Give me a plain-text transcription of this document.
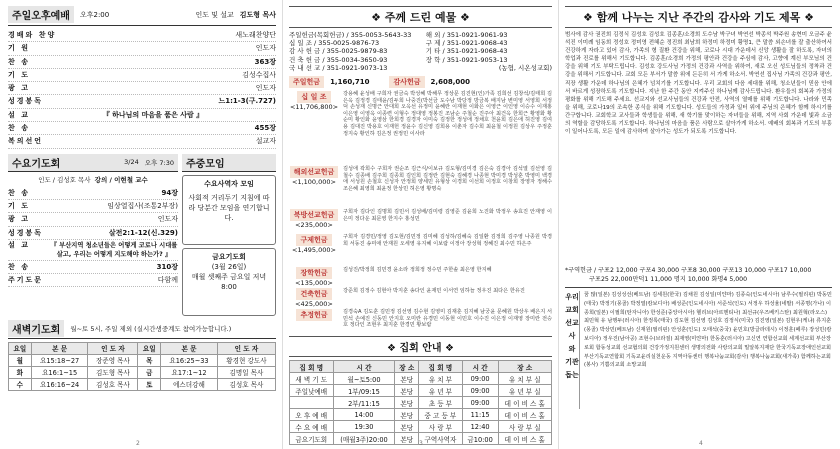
주일오후예배	오후2:00	인도 및 설교 김도형 목사
경배와 찬양	새노래찬양단
기 원	인도자
찬 송	363장
기 도	김성수집사
광 고	인도자
성경봉독	느1:1-3(구.727)
설 교	『 하나님의 마음을 품은 사람 』
찬 송	455장
복의선언	설교자
수요기도회	3/24 오후 7:30
인도 / 김성호 목사 강의 / 이현철 교수
찬 송	94장
기 도	임상열집사(조통2부장)
광 고	인도자
성경봉독	살전2:1-12(신.329)
설 교	『 부산지역 청소년들은 어떻게 코로나 시대를 살고, 우리는 어떻게 지도해야 하는가? 』
찬 송	310장
주기도문	다함께
주중모임
수요사역자 모임
사회적 거리두기 지침에 따라 당분간 모임을 연기합니다.
금요기도회
(3월 26일)
매월 셋째주 금요일 저녁 8:00
새벽기도회	월~토 5시, 주일 제외 (실시간생중계도 참여가능합니다.)
요일	본 문	인 도 자	요일	본 문	인 도 자
월	요15:18~27	장준영 목사	목	요16:25~33	황경현 강도사
화	요16:1~15	김도형 목사	금	요17:1~12	김명일 목사
수	요16:16~24	김성호 목사	토	에스더강해	김성호 목사
2
❖ 주께 드린 예물 ❖
주일헌금(목회헌금) / 355-0053-5643-33
십 일 조 / 355-0025-9876-73
감 사 헌 금 / 355-0025-9879-83
건 축 헌 금 / 355-0034-3650-93
국 내 선 교 / 351-0921-9073-13
해 외 / 351-0921-9061-93
구 제 / 351-0921-9068-43
기 타 / 351-0921-9068-43
장 학 / 351-0921-9053-13
(농협, 시온성교회)
주일헌금	1,160,710	감사헌금	2,608,000
십 일 조
<11,706,800>
강용혜 윤성배 구희자 권금숙 박성혜 박해무 정상문 김진현(인)가족 김희선 김창석/김태희 김은옥 김정경 김태윤/김두희 나중진(박선금 도수남 박당정 방금복 배지남 변미영 서영희 서정덕 손성재 신명근 안대희 오옥선 유정미 윤혜란 이재현 이화은 이영근 이인영 이승수 이재홍 이은영 이영옥 이종련 이형수 정대영 정봉진 조남순 주철순 진주아 최건옥 한희근 황영화 황순미 황인화 윤영삼 한희경 김경자 이미숙 김정한 정성애 정채호 천윤희 김은애 허진영 김여용 김대진 박용호 이재헌 정윤수 김신영 김희용 이춘자 김수희 최윤철 이정원 김상우 주정훈 정지숙 황인하 김은정 권정민 이사라
해외선교헌금
<1,100,000>
김성애 곽희수 구희자 권순조 김근식/이보규 김도형/김미경 김은숙 김경아 김석열 김선영 김철수 김종배 김주희 김종희 김인희 김정란 김현숙 김혜경 나종현 박미경 박성훈 박영미 백경애 서성원 손철호 신성자 안정희 양세민 유형상 이경희 이선희 이정호 이창희 장영자 정해수 조은혜 최영희 최윤정 한상민 허은영 황명숙
북방선교헌금
<235,000>
구희자 김다인 김명희 김민서 김성배/김미령 김영준 김윤희 노진화 박정우 송효진 안재영 이은미 정다운 최문영 한지수 홍성민
구제헌금
<1,495,000>
구희자 김경민/정영 김도현/김민정 김미혜 김성하/김혜숙 김일환 김정희 김주영 나종원 박경희 서동진 송미애 안재원 오세영 유지혜 이보람 이정아 장성혁 정혜진 최수민 하은주
장학헌금
<135,000>
김성진/박정희 김민경 윤소라 정희정 정수민 주한솔 최은영 한지혜
건축헌금
<425,000>
강준희 김정수 김현아 박지훈 송다인 윤재민 이서연 임하늘 정우진 최다은 한유진
추정헌금	김경숙A 김도훈 김민정 김선영 김수현 김영미 김재훈 김지혜 남궁윤 문혜원 박상우 배은지 서민석 손예진 신동민 안지호 오미란 유경민 이동현 이민호 이수진 이은정 이재영 장미란 전승호 정다인 조현우 최지훈 한경민 황보람
❖ 집회 안내 ❖
집 회 명	시 간	장 소	집 회 명	시 간	장 소
새 벽 기 도	월~토5:00	본당	유 치 부	09:00	유 치 부 실
주일낮예배	1부/09:15	본당	유 년 부	09:00	유 년 부 실
	2부/11:15	본당	초 등 부	09:00	데 이 비 스 홀
오 후 예 배	14:00	본당	중 고 등 부	11:15	데 이 비 스 홀
수 요 예 배	19:30	본당	사 랑 부	12:40	사 랑 부 실
금요기도회	(매월3주)20:00	본당	구역사역자	금10:00	데 이 비 스 홀
3
❖ 함께 나누는 지난 주간의 감사와 기도 제목 ❖
범사에 감사 권진희 김정식 김성호 김성호 김종훈/소경희 도수남 박구녀 박연선 박종석 박주원 송현미 오금주 윤석진 이미례 임동희 정성호 정미영 전혜순 정진희 최남희 하정미 하정미 황명1, 큰 말씀 외손녀를 잘 출산하여서 건강하게 자라고 있어 감사, 가족의 형 질환 건강을 위해, 코로나 시대 가운데서 신앙 생활을 잘 하도록, 자녀의 학업과 진로를 위해서 기도합니다. 김종훈/소경희 가정의 평안과 건강을 주심에 감사, 고향에 계신 부모님의 건강을 위해 기도 부탁드립니다. 김성호 강도사님 가정의 건강과 사역을 위하여, 새로 오신 성도님들의 정착과 건강을 위해서 기도합니다. 교회 모든 부서가 말씀 위에 든든히 서 가게 하소서. 박연선 집사님 가족의 건강과 평안, 직장 생활 가운데 하나님의 은혜가 넘치기를 기도합니다. 우리 교회의 다음 세대를 위해, 청소년들이 믿음 안에서 바르게 성장하도록 기도합니다. 지난 한 주간 동안 지켜주신 하나님께 감사드립니다. 환우들의 회복과 가정의 평화를 위해 기도해 주세요. 선교지와 선교사님들의 건강과 안전, 사역의 열매를 위해 기도합니다. 나라와 민족을 위해, 코로나19의 조속한 종식을 위해 기도합니다. 성도들의 가정과 일터 위에 주님의 은혜가 함께 하시기를 간구합니다. 교회학교 교사들과 학생들을 위해, 새 학기를 맞이하는 자녀들을 위해, 지역 사회 가운데 빛과 소금의 역할을 감당하도록 기도합니다. 하나님의 마음을 품은 사람으로 살아가게 하소서. 예배의 회복과 기도의 부흥이 일어나도록, 모든 일에 감사하며 살아가는 성도가 되도록 기도합니다.
*구역헌금 / 구포2 12,000 구포4 30,000 구포8 30,000 구포13 10,000 구포17 10,000
구포25 22,000만덕1 11,000 명지 10,000 화명4 5,000
우리 교회 선교사 와 기관 돕는
꿈 많(일본) 김성성선(베트남) 김세원(한국) 김채원 김성일(미얀마) 김종숙(인도네시아) 남루수(필리핀) 박동민(태국) 박정기(몽골) 박정열(캄보디아) 배성준(인도네시아) 서준석(인도) 서정우 하성율(네팔) 서종명(가나) 이종희(일본) 이필희(탄자니아) 한성준(중앙아시아) 헬리브(아르헨티나) 최선규(우즈베키스탄) 최원혁(라오스) 최민혁 유 남행두(러시아) 한정록(태국) 김도현 김선영 김성호 김정식(미국) 김진영(일본) 김현우(케냐) 류지훈(몽골) 박상민(베트남) 신재원(필리핀) 안성훈(인도) 오태석(중국) 윤민호(방글라데시) 이정훈(페루) 장성민(캄보디아) 정우진(남아공) 조현수(브라질) 최재영(미얀마) 한동훈(러시아) 고신연 연합선교회 세계선교회 부산장로회 합동성교회 선교협의회 건강가정지원센터 생명의전화 사랑의교회 밀알복지재단 한국기독교장애인선교회 부산기독교연합회 기독교윤리실천운동 지역아동센터 행복나눔교회(감사) 행복나눔교회(새가족) 함께하는교회(봉사) 기쁨의교회 소망교회
4
